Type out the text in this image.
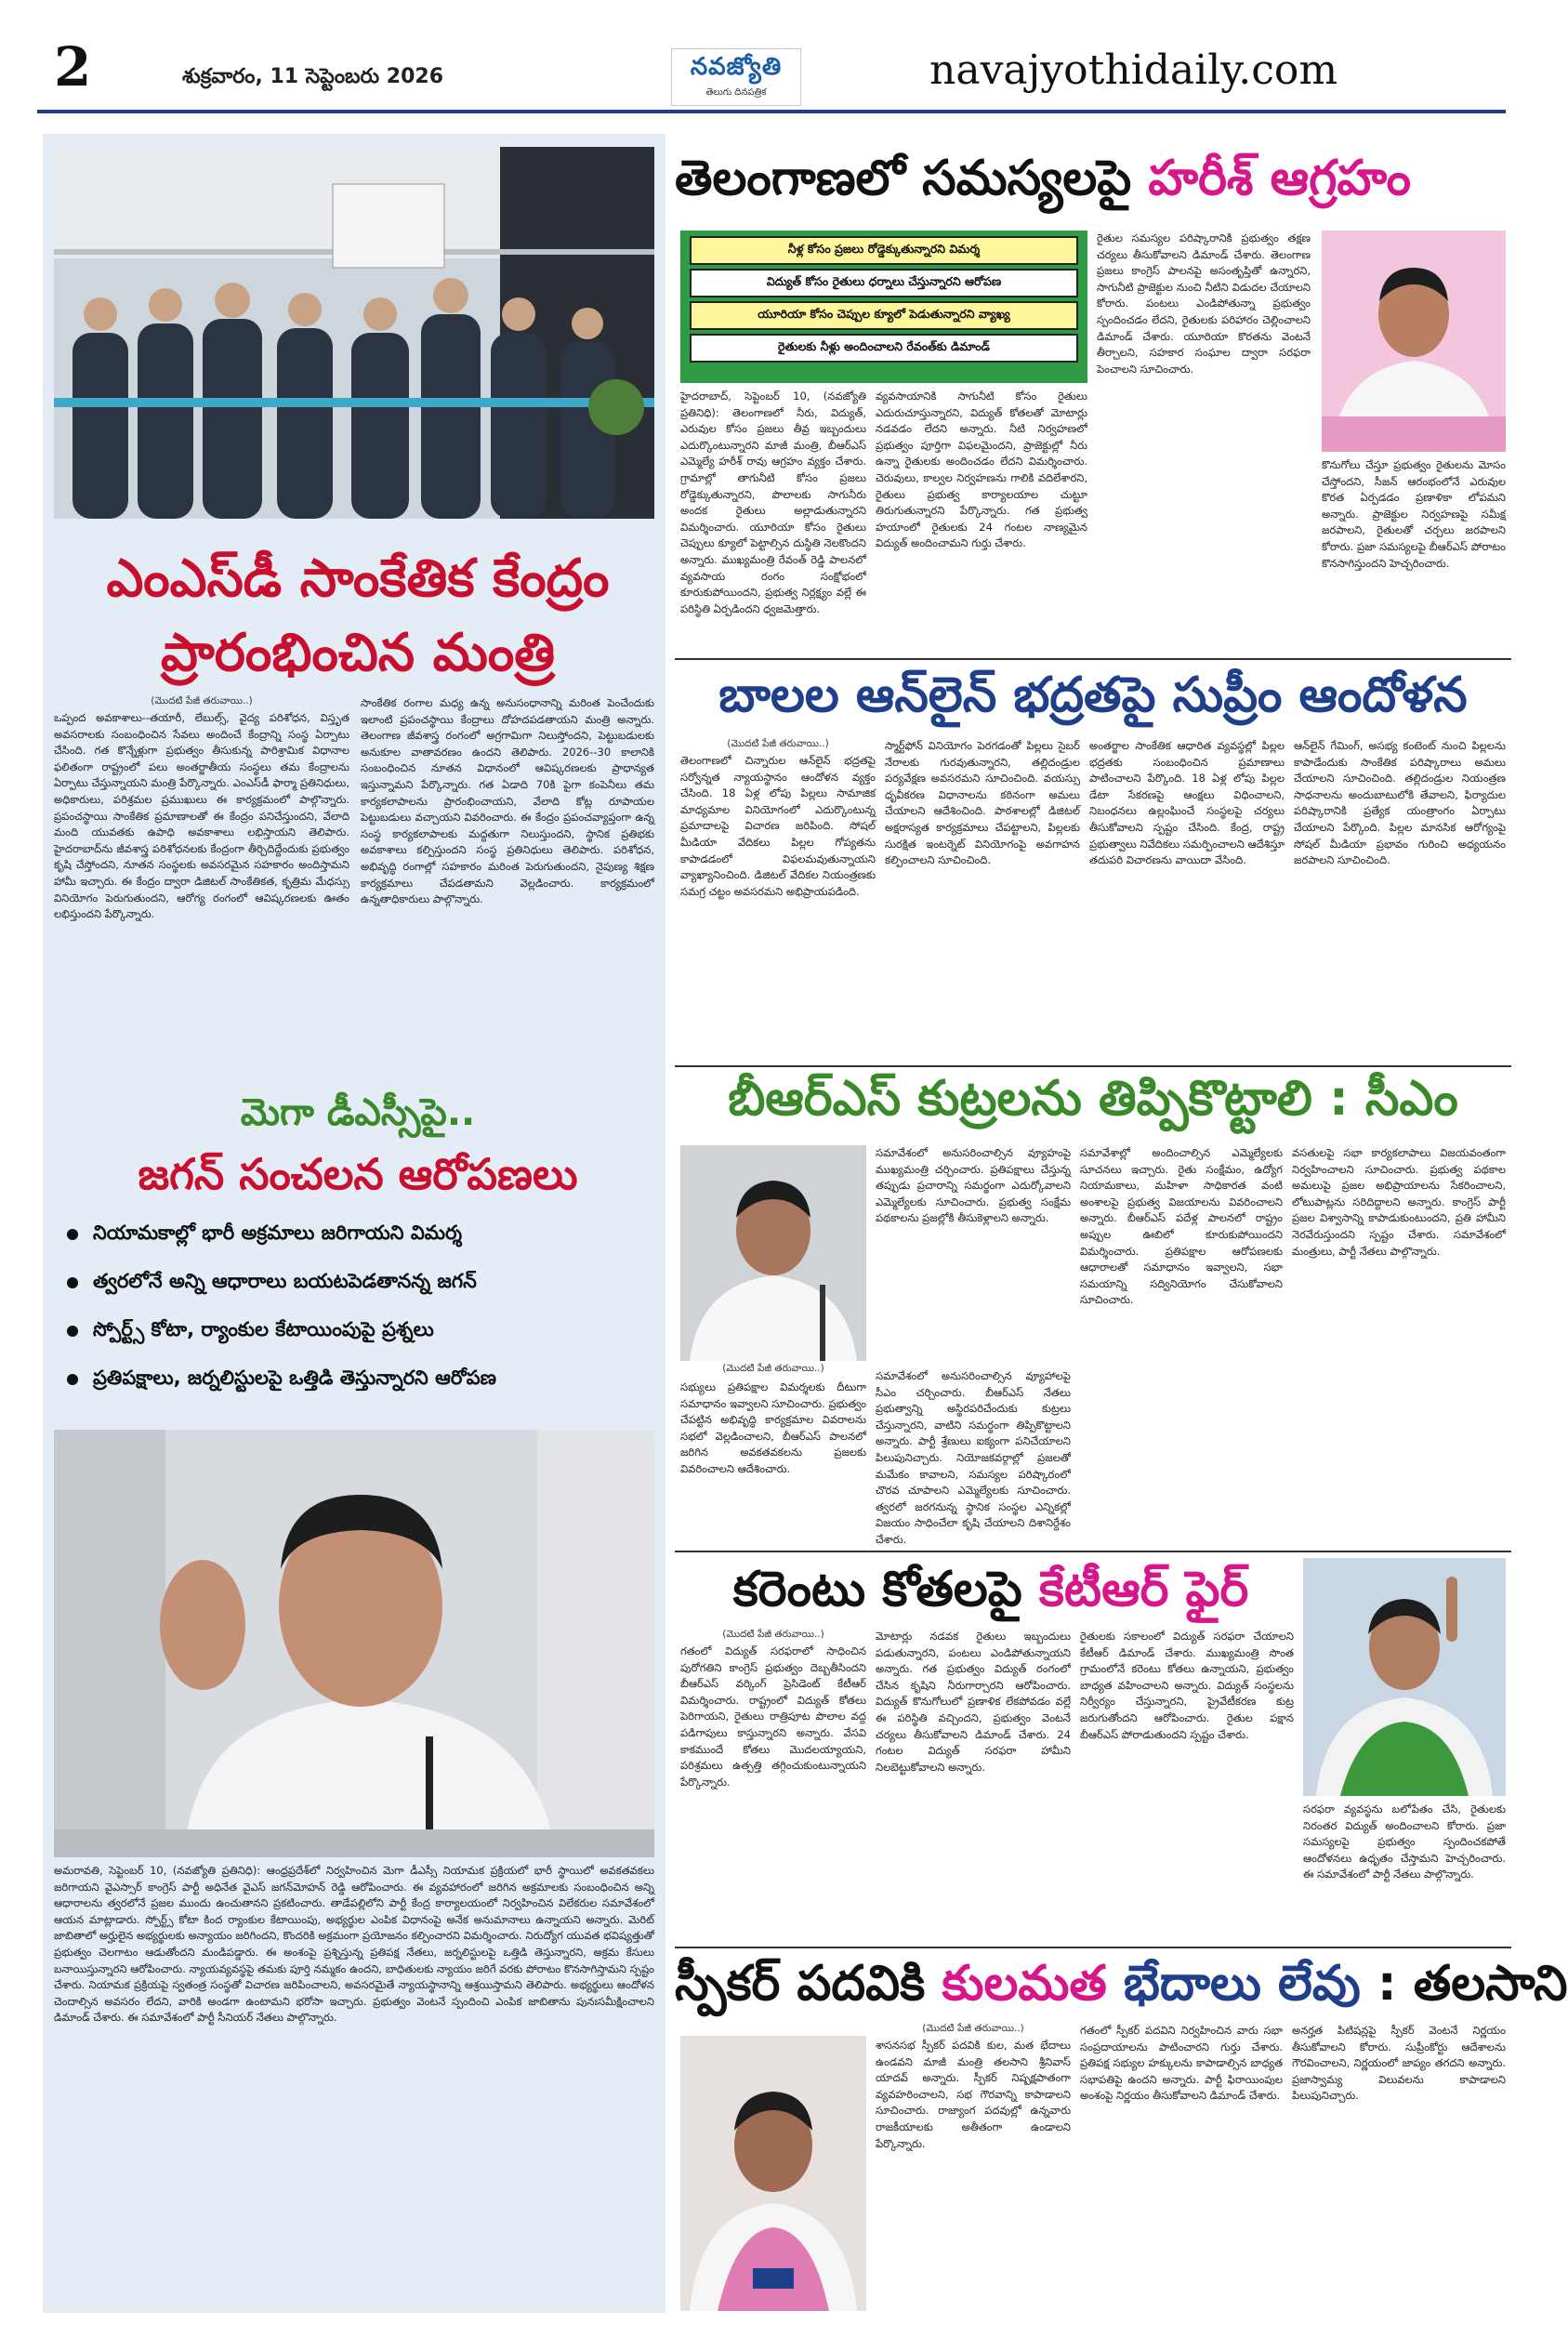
2	శుక్రవారం, 11 సెప్టెంబరు 2026	నవజ్యోతి
తెలుగు దినపత్రిక	navajyothidaily.com
ఎంఎస్‌డీ సాంకేతిక కేంద్రం
ప్రారంభించిన మంత్రి
(మొదటి పేజీ తరువాయి..)
ఒప్పంద అవకాశాలు--తయారీ, లేబుల్స్, వైద్య పరిశోధన, విస్తృత అవసరాలకు సంబంధించిన సేవలు అందించే కేంద్రాన్ని సంస్థ ఏర్పాటు చేసింది. గత కొన్నేళ్లుగా ప్రభుత్వం తీసుకున్న పారిశ్రామిక విధానాల ఫలితంగా రాష్ట్రంలో పలు అంతర్జాతీయ సంస్థలు తమ కేంద్రాలను ఏర్పాటు చేస్తున్నాయని మంత్రి పేర్కొన్నారు. ఎంఎస్‌డీ ఫార్మా ప్రతినిధులు, అధికారులు, పరిశ్రమల ప్రముఖులు ఈ కార్యక్రమంలో పాల్గొన్నారు. ప్రపంచస్థాయి సాంకేతిక ప్రమాణాలతో ఈ కేంద్రం పనిచేస్తుందని, వేలాది మంది యువతకు ఉపాధి అవకాశాలు లభిస్తాయని తెలిపారు. హైదరాబాద్‌ను జీవశాస్త్ర పరిశోధనలకు కేంద్రంగా తీర్చిదిద్దేందుకు ప్రభుత్వం కృషి చేస్తోందని, నూతన సంస్థలకు అవసరమైన సహకారం అందిస్తామని హామీ ఇచ్చారు. ఈ కేంద్రం ద్వారా డిజిటల్ సాంకేతికత, కృత్రిమ మేధస్సు వినియోగం పెరుగుతుందని, ఆరోగ్య రంగంలో ఆవిష్కరణలకు ఊతం లభిస్తుందని పేర్కొన్నారు.
సాంకేతిక రంగాల మధ్య ఉన్న అనుసంధానాన్ని మరింత పెంచేందుకు ఇలాంటి ప్రపంచస్థాయి కేంద్రాలు దోహదపడతాయని మంత్రి అన్నారు. తెలంగాణ జీవశాస్త్ర రంగంలో అగ్రగామిగా నిలుస్తోందని, పెట్టుబడులకు అనుకూల వాతావరణం ఉందని తెలిపారు. 2026--30 కాలానికి సంబంధించిన నూతన విధానంలో ఆవిష్కరణలకు ప్రాధాన్యత ఇస్తున్నామని పేర్కొన్నారు. గత ఏడాది 70కి పైగా కంపెనీలు తమ కార్యకలాపాలను ప్రారంభించాయని, వేలాది కోట్ల రూపాయల పెట్టుబడులు వచ్చాయని వివరించారు. ఈ కేంద్రం ప్రపంచవ్యాప్తంగా ఉన్న సంస్థ కార్యకలాపాలకు మద్దతుగా నిలుస్తుందని, స్థానిక ప్రతిభకు అవకాశాలు కల్పిస్తుందని సంస్థ ప్రతినిధులు తెలిపారు. పరిశోధన, అభివృద్ధి రంగాల్లో సహకారం మరింత పెరుగుతుందని, నైపుణ్య శిక్షణ కార్యక్రమాలు చేపడతామని వెల్లడించారు. కార్యక్రమంలో ఉన్నతాధికారులు పాల్గొన్నారు.
మెగా డీఎస్సీపై..
జగన్ సంచలన ఆరోపణలు
నియామకాల్లో భారీ అక్రమాలు జరిగాయని విమర్శ
త్వరలోనే అన్ని ఆధారాలు బయటపెడతానన్న జగన్
స్పోర్ట్స్ కోటా, ర్యాంకుల కేటాయింపుపై ప్రశ్నలు
ప్రతిపక్షాలు, జర్నలిస్టులపై ఒత్తిడి తెస్తున్నారని ఆరోపణ
అమరావతి, సెప్టెంబర్ 10, (నవజ్యోతి ప్రతినిధి): ఆంధ్రప్రదేశ్‌లో నిర్వహించిన మెగా డీఎస్సీ నియామక ప్రక్రియలో భారీ స్థాయిలో అవకతవకలు జరిగాయని వైఎస్సార్ కాంగ్రెస్ పార్టీ అధినేత వైఎస్ జగన్‌మోహన్ రెడ్డి ఆరోపించారు. ఈ వ్యవహారంలో జరిగిన అక్రమాలకు సంబంధించిన అన్ని ఆధారాలను త్వరలోనే ప్రజల ముందు ఉంచుతానని ప్రకటించారు. తాడేపల్లిలోని పార్టీ కేంద్ర కార్యాలయంలో నిర్వహించిన విలేకరుల సమావేశంలో ఆయన మాట్లాడారు. స్పోర్ట్స్ కోటా కింద ర్యాంకుల కేటాయింపు, అభ్యర్థుల ఎంపిక విధానంపై అనేక అనుమానాలు ఉన్నాయని అన్నారు. మెరిట్ జాబితాలో అర్హులైన అభ్యర్థులకు అన్యాయం జరిగిందని, కొందరికి అక్రమంగా ప్రయోజనం కల్పించారని విమర్శించారు. నిరుద్యోగ యువత భవిష్యత్తుతో ప్రభుత్వం చెలగాటం ఆడుతోందని మండిపడ్డారు. ఈ అంశంపై ప్రశ్నిస్తున్న ప్రతిపక్ష నేతలు, జర్నలిస్టులపై ఒత్తిడి తెస్తున్నారని, అక్రమ కేసులు బనాయిస్తున్నారని ఆరోపించారు. న్యాయవ్యవస్థపై తమకు పూర్తి నమ్మకం ఉందని, బాధితులకు న్యాయం జరిగే వరకు పోరాటం కొనసాగిస్తామని స్పష్టం చేశారు. నియామక ప్రక్రియపై స్వతంత్ర సంస్థతో విచారణ జరిపించాలని, అవసరమైతే న్యాయస్థానాన్ని ఆశ్రయిస్తామని తెలిపారు. అభ్యర్థులు ఆందోళన చెందాల్సిన అవసరం లేదని, వారికి అండగా ఉంటామని భరోసా ఇచ్చారు. ప్రభుత్వం వెంటనే స్పందించి ఎంపిక జాబితాను పునఃసమీక్షించాలని డిమాండ్ చేశారు. ఈ సమావేశంలో పార్టీ సీనియర్ నేతలు పాల్గొన్నారు.
తెలంగాణలో సమస్యలపై హరీశ్ ఆగ్రహం
నీళ్ల కోసం ప్రజలు రోడ్డెక్కుతున్నారని విమర్శ
విద్యుత్ కోసం రైతులు ధర్నాలు చేస్తున్నారని ఆరోపణ
యూరియా కోసం చెప్పుల క్యూలో పెడుతున్నారని వ్యాఖ్య
రైతులకు నీళ్లు అందించాలని రేవంత్‌కు డిమాండ్
హైదరాబాద్, సెప్టెంబర్ 10, (నవజ్యోతి ప్రతినిధి): తెలంగాణలో నీరు, విద్యుత్, ఎరువుల కోసం ప్రజలు తీవ్ర ఇబ్బందులు ఎదుర్కొంటున్నారని మాజీ మంత్రి, బీఆర్‌ఎస్ ఎమ్మెల్యే హరీశ్ రావు ఆగ్రహం వ్యక్తం చేశారు. గ్రామాల్లో తాగునీటి కోసం ప్రజలు రోడ్డెక్కుతున్నారని, పొలాలకు సాగునీరు అందక రైతులు అల్లాడుతున్నారని విమర్శించారు. యూరియా కోసం రైతులు చెప్పులు క్యూలో పెట్టాల్సిన దుస్థితి నెలకొందని అన్నారు. ముఖ్యమంత్రి రేవంత్ రెడ్డి పాలనలో వ్యవసాయ రంగం సంక్షోభంలో కూరుకుపోయిందని, ప్రభుత్వ నిర్లక్ష్యం వల్లే ఈ పరిస్థితి ఏర్పడిందని ధ్వజమెత్తారు.
వ్యవసాయానికి సాగునీటి కోసం రైతులు ఎదురుచూస్తున్నారని, విద్యుత్ కోతలతో మోటార్లు నడవడం లేదని అన్నారు. నీటి నిర్వహణలో ప్రభుత్వం పూర్తిగా విఫలమైందని, ప్రాజెక్టుల్లో నీరు ఉన్నా రైతులకు అందించడం లేదని విమర్శించారు. చెరువులు, కాల్వల నిర్వహణను గాలికి వదిలేశారని, రైతులు ప్రభుత్వ కార్యాలయాల చుట్టూ తిరుగుతున్నారని పేర్కొన్నారు. గత ప్రభుత్వ హయాంలో రైతులకు 24 గంటల నాణ్యమైన విద్యుత్ అందించామని గుర్తు చేశారు.
రైతుల సమస్యల పరిష్కారానికి ప్రభుత్వం తక్షణ చర్యలు తీసుకోవాలని డిమాండ్ చేశారు. తెలంగాణ ప్రజలు కాంగ్రెస్ పాలనపై అసంతృప్తితో ఉన్నారని, సాగునీటి ప్రాజెక్టుల నుంచి నీటిని విడుదల చేయాలని కోరారు. పంటలు ఎండిపోతున్నా ప్రభుత్వం స్పందించడం లేదని, రైతులకు పరిహారం చెల్లించాలని డిమాండ్ చేశారు. యూరియా కొరతను వెంటనే తీర్చాలని, సహకార సంఘాల ద్వారా సరఫరా పెంచాలని సూచించారు.
కొనుగోలు చేస్తూ ప్రభుత్వం రైతులను మోసం చేస్తోందని, సీజన్ ఆరంభంలోనే ఎరువుల కొరత ఏర్పడడం ప్రణాళికా లోపమని అన్నారు. ప్రాజెక్టుల నిర్వహణపై సమీక్ష జరపాలని, రైతులతో చర్చలు జరపాలని కోరారు. ప్రజా సమస్యలపై బీఆర్‌ఎస్ పోరాటం కొనసాగిస్తుందని హెచ్చరించారు.
బాలల ఆన్‌లైన్ భద్రతపై సుప్రీం ఆందోళన
(మొదటి పేజీ తరువాయి..)
తెలంగాణలో చిన్నారుల ఆన్‌లైన్ భద్రతపై సర్వోన్నత న్యాయస్థానం ఆందోళన వ్యక్తం చేసింది. 18 ఏళ్ల లోపు పిల్లలు సామాజిక మాధ్యమాల వినియోగంలో ఎదుర్కొంటున్న ప్రమాదాలపై విచారణ జరిపింది. సోషల్ మీడియా వేదికలు పిల్లల గోప్యతను కాపాడడంలో విఫలమవుతున్నాయని వ్యాఖ్యానించింది. డిజిటల్ వేదికల నియంత్రణకు సమగ్ర చట్టం అవసరమని అభిప్రాయపడింది.
స్మార్ట్‌ఫోన్ వినియోగం పెరగడంతో పిల్లలు సైబర్ నేరాలకు గురవుతున్నారని, తల్లిదండ్రుల పర్యవేక్షణ అవసరమని సూచించింది. వయస్సు ధృవీకరణ విధానాలను కఠినంగా అమలు చేయాలని ఆదేశించింది. పాఠశాలల్లో డిజిటల్ అక్షరాస్యత కార్యక్రమాలు చేపట్టాలని, పిల్లలకు సురక్షిత ఇంటర్నెట్ వినియోగంపై అవగాహన కల్పించాలని సూచించింది.
అంతర్జాల సాంకేతిక ఆధారిత వ్యవస్థల్లో పిల్లల భద్రతకు సంబంధించిన ప్రమాణాలు పాటించాలని పేర్కొంది. 18 ఏళ్ల లోపు పిల్లల డేటా సేకరణపై ఆంక్షలు విధించాలని, నిబంధనలు ఉల్లంఘించే సంస్థలపై చర్యలు తీసుకోవాలని స్పష్టం చేసింది. కేంద్ర, రాష్ట్ర ప్రభుత్వాలు నివేదికలు సమర్పించాలని ఆదేశిస్తూ తదుపరి విచారణను వాయిదా వేసింది.
ఆన్‌లైన్ గేమింగ్, అసభ్య కంటెంట్ నుంచి పిల్లలను కాపాడేందుకు సాంకేతిక పరిష్కారాలు అమలు చేయాలని సూచించింది. తల్లిదండ్రుల నియంత్రణ సాధనాలను అందుబాటులోకి తేవాలని, ఫిర్యాదుల పరిష్కారానికి ప్రత్యేక యంత్రాంగం ఏర్పాటు చేయాలని పేర్కొంది. పిల్లల మానసిక ఆరోగ్యంపై సోషల్ మీడియా ప్రభావం గురించి అధ్యయనం జరపాలని సూచించింది.
బీఆర్ఎస్ కుట్రలను తిప్పికొట్టాలి : సీఎం
(మొదటి పేజీ తరువాయి..)
సమావేశంలో అనుసరించాల్సిన వ్యూహంపై ముఖ్యమంత్రి చర్చించారు. ప్రతిపక్షాలు చేస్తున్న తప్పుడు ప్రచారాన్ని సమర్థంగా ఎదుర్కోవాలని ఎమ్మెల్యేలకు సూచించారు. ప్రభుత్వ సంక్షేమ పథకాలను ప్రజల్లోకి తీసుకెళ్లాలని అన్నారు.
సభ్యులు ప్రతిపక్షాల విమర్శలకు దీటుగా సమాధానం ఇవ్వాలని సూచించారు. ప్రభుత్వం చేపట్టిన అభివృద్ధి కార్యక్రమాల వివరాలను సభలో వెల్లడించాలని, బీఆర్ఎస్ పాలనలో జరిగిన అవకతవకలను ప్రజలకు వివరించాలని ఆదేశించారు.
సమావేశంలో అనుసరించాల్సిన వ్యూహాలపై సీఎం చర్చించారు. బీఆర్ఎస్ నేతలు ప్రభుత్వాన్ని అస్థిరపరిచేందుకు కుట్రలు చేస్తున్నారని, వాటిని సమర్థంగా తిప్పికొట్టాలని అన్నారు. పార్టీ శ్రేణులు ఐక్యంగా పనిచేయాలని పిలుపునిచ్చారు. నియోజకవర్గాల్లో ప్రజలతో మమేకం కావాలని, సమస్యల పరిష్కారంలో చొరవ చూపాలని ఎమ్మెల్యేలకు సూచించారు. త్వరలో జరగనున్న స్థానిక సంస్థల ఎన్నికల్లో విజయం సాధించేలా కృషి చేయాలని దిశానిర్దేశం చేశారు.
సమావేశాల్లో అందించాల్సిన ఎమ్మెల్యేలకు సూచనలు ఇచ్చారు. రైతు సంక్షేమం, ఉద్యోగ నియామకాలు, మహిళా సాధికారత వంటి అంశాలపై ప్రభుత్వ విజయాలను వివరించాలని అన్నారు. బీఆర్ఎస్ పదేళ్ల పాలనలో రాష్ట్రం అప్పుల ఊబిలో కూరుకుపోయిందని విమర్శించారు. ప్రతిపక్షాల ఆరోపణలకు ఆధారాలతో సమాధానం ఇవ్వాలని, సభా సమయాన్ని సద్వినియోగం చేసుకోవాలని సూచించారు.
వసతులపై సభా కార్యకలాపాలు విజయవంతంగా నిర్వహించాలని సూచించారు. ప్రభుత్వ పథకాల అమలుపై ప్రజల అభిప్రాయాలను సేకరించాలని, లోటుపాట్లను సరిదిద్దాలని అన్నారు. కాంగ్రెస్ పార్టీ ప్రజల విశ్వాసాన్ని కాపాడుకుంటుందని, ప్రతి హామీని నెరవేరుస్తుందని స్పష్టం చేశారు. సమావేశంలో మంత్రులు, పార్టీ నేతలు పాల్గొన్నారు.
కరెంటు కోతలపై కేటీఆర్ ఫైర్
(మొదటి పేజీ తరువాయి..)
గతంలో విద్యుత్ సరఫరాలో సాధించిన పురోగతిని కాంగ్రెస్ ప్రభుత్వం దెబ్బతీసిందని బీఆర్ఎస్ వర్కింగ్ ప్రెసిడెంట్ కేటీఆర్ విమర్శించారు. రాష్ట్రంలో విద్యుత్ కోతలు పెరిగాయని, రైతులు రాత్రిపూట పొలాల వద్ద పడిగాపులు కాస్తున్నారని అన్నారు. వేసవి కాకముందే కోతలు మొదలయ్యాయని, పరిశ్రమలు ఉత్పత్తి తగ్గించుకుంటున్నాయని పేర్కొన్నారు.
మోటార్లు నడవక రైతులు ఇబ్బందులు పడుతున్నారని, పంటలు ఎండిపోతున్నాయని అన్నారు. గత ప్రభుత్వం విద్యుత్ రంగంలో చేసిన కృషిని నీరుగార్చారని ఆరోపించారు. విద్యుత్ కొనుగోలులో ప్రణాళిక లేకపోవడం వల్లే ఈ పరిస్థితి వచ్చిందని, ప్రభుత్వం వెంటనే చర్యలు తీసుకోవాలని డిమాండ్ చేశారు. 24 గంటల విద్యుత్ సరఫరా హామీని నిలబెట్టుకోవాలని అన్నారు.
రైతులకు సకాలంలో విద్యుత్ సరఫరా చేయాలని కేటీఆర్ డిమాండ్ చేశారు. ముఖ్యమంత్రి సొంత గ్రామంలోనే కరెంటు కోతలు ఉన్నాయని, ప్రభుత్వం బాధ్యత వహించాలని అన్నారు. విద్యుత్ సంస్థలను నిర్వీర్యం చేస్తున్నారని, ప్రైవేటీకరణ కుట్ర జరుగుతోందని ఆరోపించారు. రైతుల పక్షాన బీఆర్ఎస్ పోరాడుతుందని స్పష్టం చేశారు.
సరఫరా వ్యవస్థను బలోపేతం చేసి, రైతులకు నిరంతర విద్యుత్ అందించాలని కోరారు. ప్రజా సమస్యలపై ప్రభుత్వం స్పందించకపోతే ఆందోళనలు ఉధృతం చేస్తామని హెచ్చరించారు. ఈ సమావేశంలో పార్టీ నేతలు పాల్గొన్నారు.
స్పీకర్ పదవికి కులమత భేదాలు లేవు : తలసాని
(మొదటి పేజీ తరువాయి..)
శాసనసభ స్పీకర్ పదవికి కుల, మత భేదాలు ఉండవని మాజీ మంత్రి తలసాని శ్రీనివాస్ యాదవ్ అన్నారు. స్పీకర్ నిష్పక్షపాతంగా వ్యవహరించాలని, సభ గౌరవాన్ని కాపాడాలని సూచించారు. రాజ్యాంగ పదవుల్లో ఉన్నవారు రాజకీయాలకు అతీతంగా ఉండాలని పేర్కొన్నారు.
గతంలో స్పీకర్ పదవిని నిర్వహించిన వారు సభా సంప్రదాయాలను పాటించారని గుర్తు చేశారు. ప్రతిపక్ష సభ్యుల హక్కులను కాపాడాల్సిన బాధ్యత సభాపతిపై ఉందని అన్నారు. పార్టీ ఫిరాయింపుల అంశంపై నిర్ణయం తీసుకోవాలని డిమాండ్ చేశారు.
అనర్హత పిటిషన్లపై స్పీకర్ వెంటనే నిర్ణయం తీసుకోవాలని కోరారు. సుప్రీంకోర్టు ఆదేశాలను గౌరవించాలని, నిర్ణయంలో జాప్యం తగదని అన్నారు. ప్రజాస్వామ్య విలువలను కాపాడాలని పిలుపునిచ్చారు.
